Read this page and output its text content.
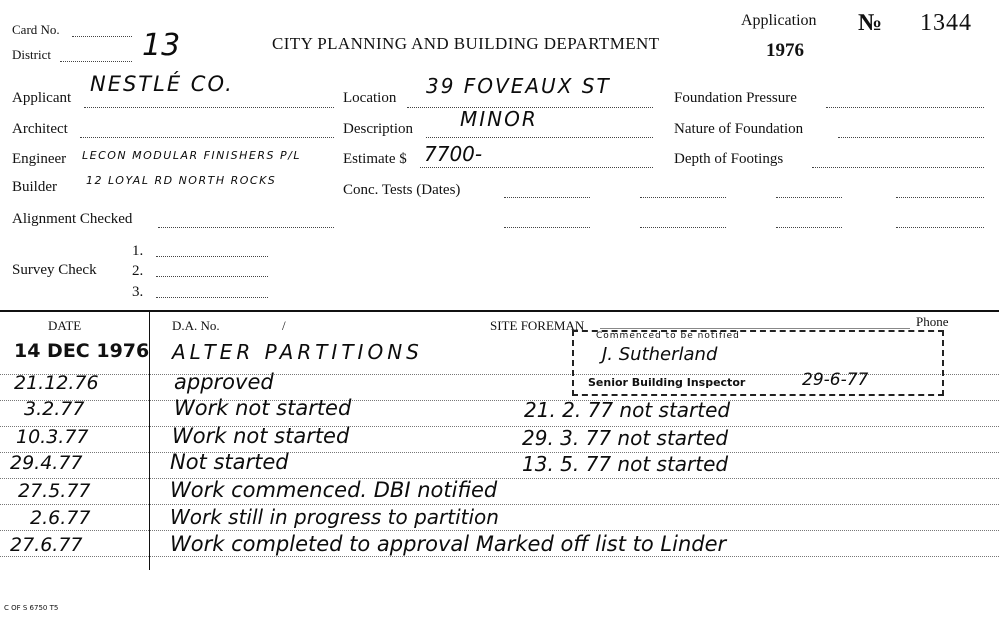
Card No.
District	13	CITY PLANNING AND BUILDING DEPARTMENT
Application
1976
№ 1344
Applicant
NESTLÉ CO.
Location 39 FOVEAUX ST	Foundation Pressure
Architect	Description MINOR	Nature of Foundation
Engineer LECON MODULAR FINISHERS P/L	Estimate $ 7700-	Depth of Footings
Builder	12 LOYAL RD NORTH ROCKS
Conc. Tests (Dates)
Alignment Checked
Survey Check
1.
2.
3.
DATE	D.A. No.	/	SITE FOREMAN	Phone
Commenced to be notified
J. Sutherland
Senior Building Inspector	29-6-77
14 DEC 1976 ALTER PARTITIONS
21.12.76	approved
3.2.77	Work not started	21. 2. 77 not started
10.3.77	Work not started	29. 3. 77 not started
29.4.77	Not started	13. 5. 77 not started
27.5.77	Work commenced. DBI notified
2.6.77	Work still in progress to partition
27.6.77	Work completed to approval Marked off list to Linder
C OF S 6750 T5
